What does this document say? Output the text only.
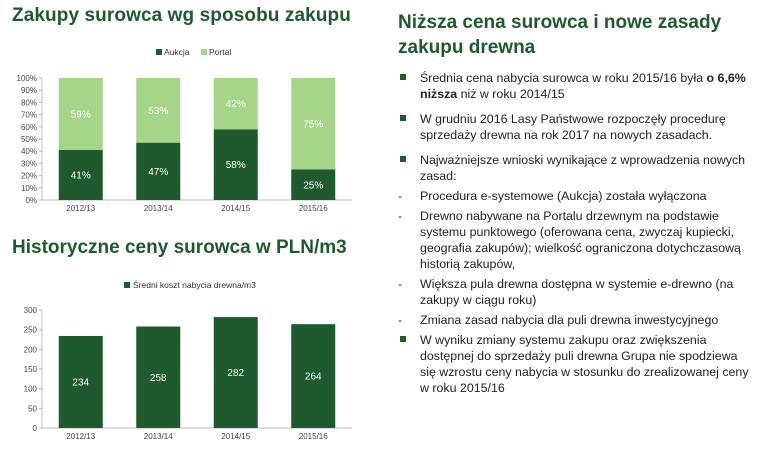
Zakupy surowca wg sposobu zakupu
Aukcja Portal
0%
10%
20%
30%
40%
50%
60%
70%
80%
90%
100%
41%
59%
2012/13
47%
53%
2013/14
58%
42%
2014/15
25%
75%
2015/16
Historyczne ceny surowca w PLN/m3
Średni koszt nabycia drewna/m3
0
50
100
150
200
250
300
234
2012/13
258
2013/14
282
2014/15
264
2015/16
Niższa cena surowca i nowe zasady zakupu drewna
Średnia cena nabycia surowca w roku 2015/16 była o 6,6% niższa niż w roku 2014/15
W grudniu 2016 Lasy Państwowe rozpoczęły procedurę sprzedaży drewna na rok 2017 na nowych zasadach.
Najważniejsze wnioski wynikające z wprowadzenia nowych zasad:
- Procedura e-systemowe (Aukcja) została wyłączona
- Drewno nabywane na Portalu drzewnym na podstawie systemu punktowego (oferowana cena, zwyczaj kupiecki, geografia zakupów); wielkość ograniczona dotychczasową historią zakupów,
- Większa pula drewna dostępna w systemie e-drewno (na zakupy w ciągu roku)
- Zmiana zasad nabycia dla puli drewna inwestycyjnego
W wyniku zmiany systemu zakupu oraz zwiększenia dostępnej do sprzedaży puli drewna Grupa nie spodziewa się wzrostu ceny nabycia w stosunku do zrealizowanej ceny w roku 2015/16
